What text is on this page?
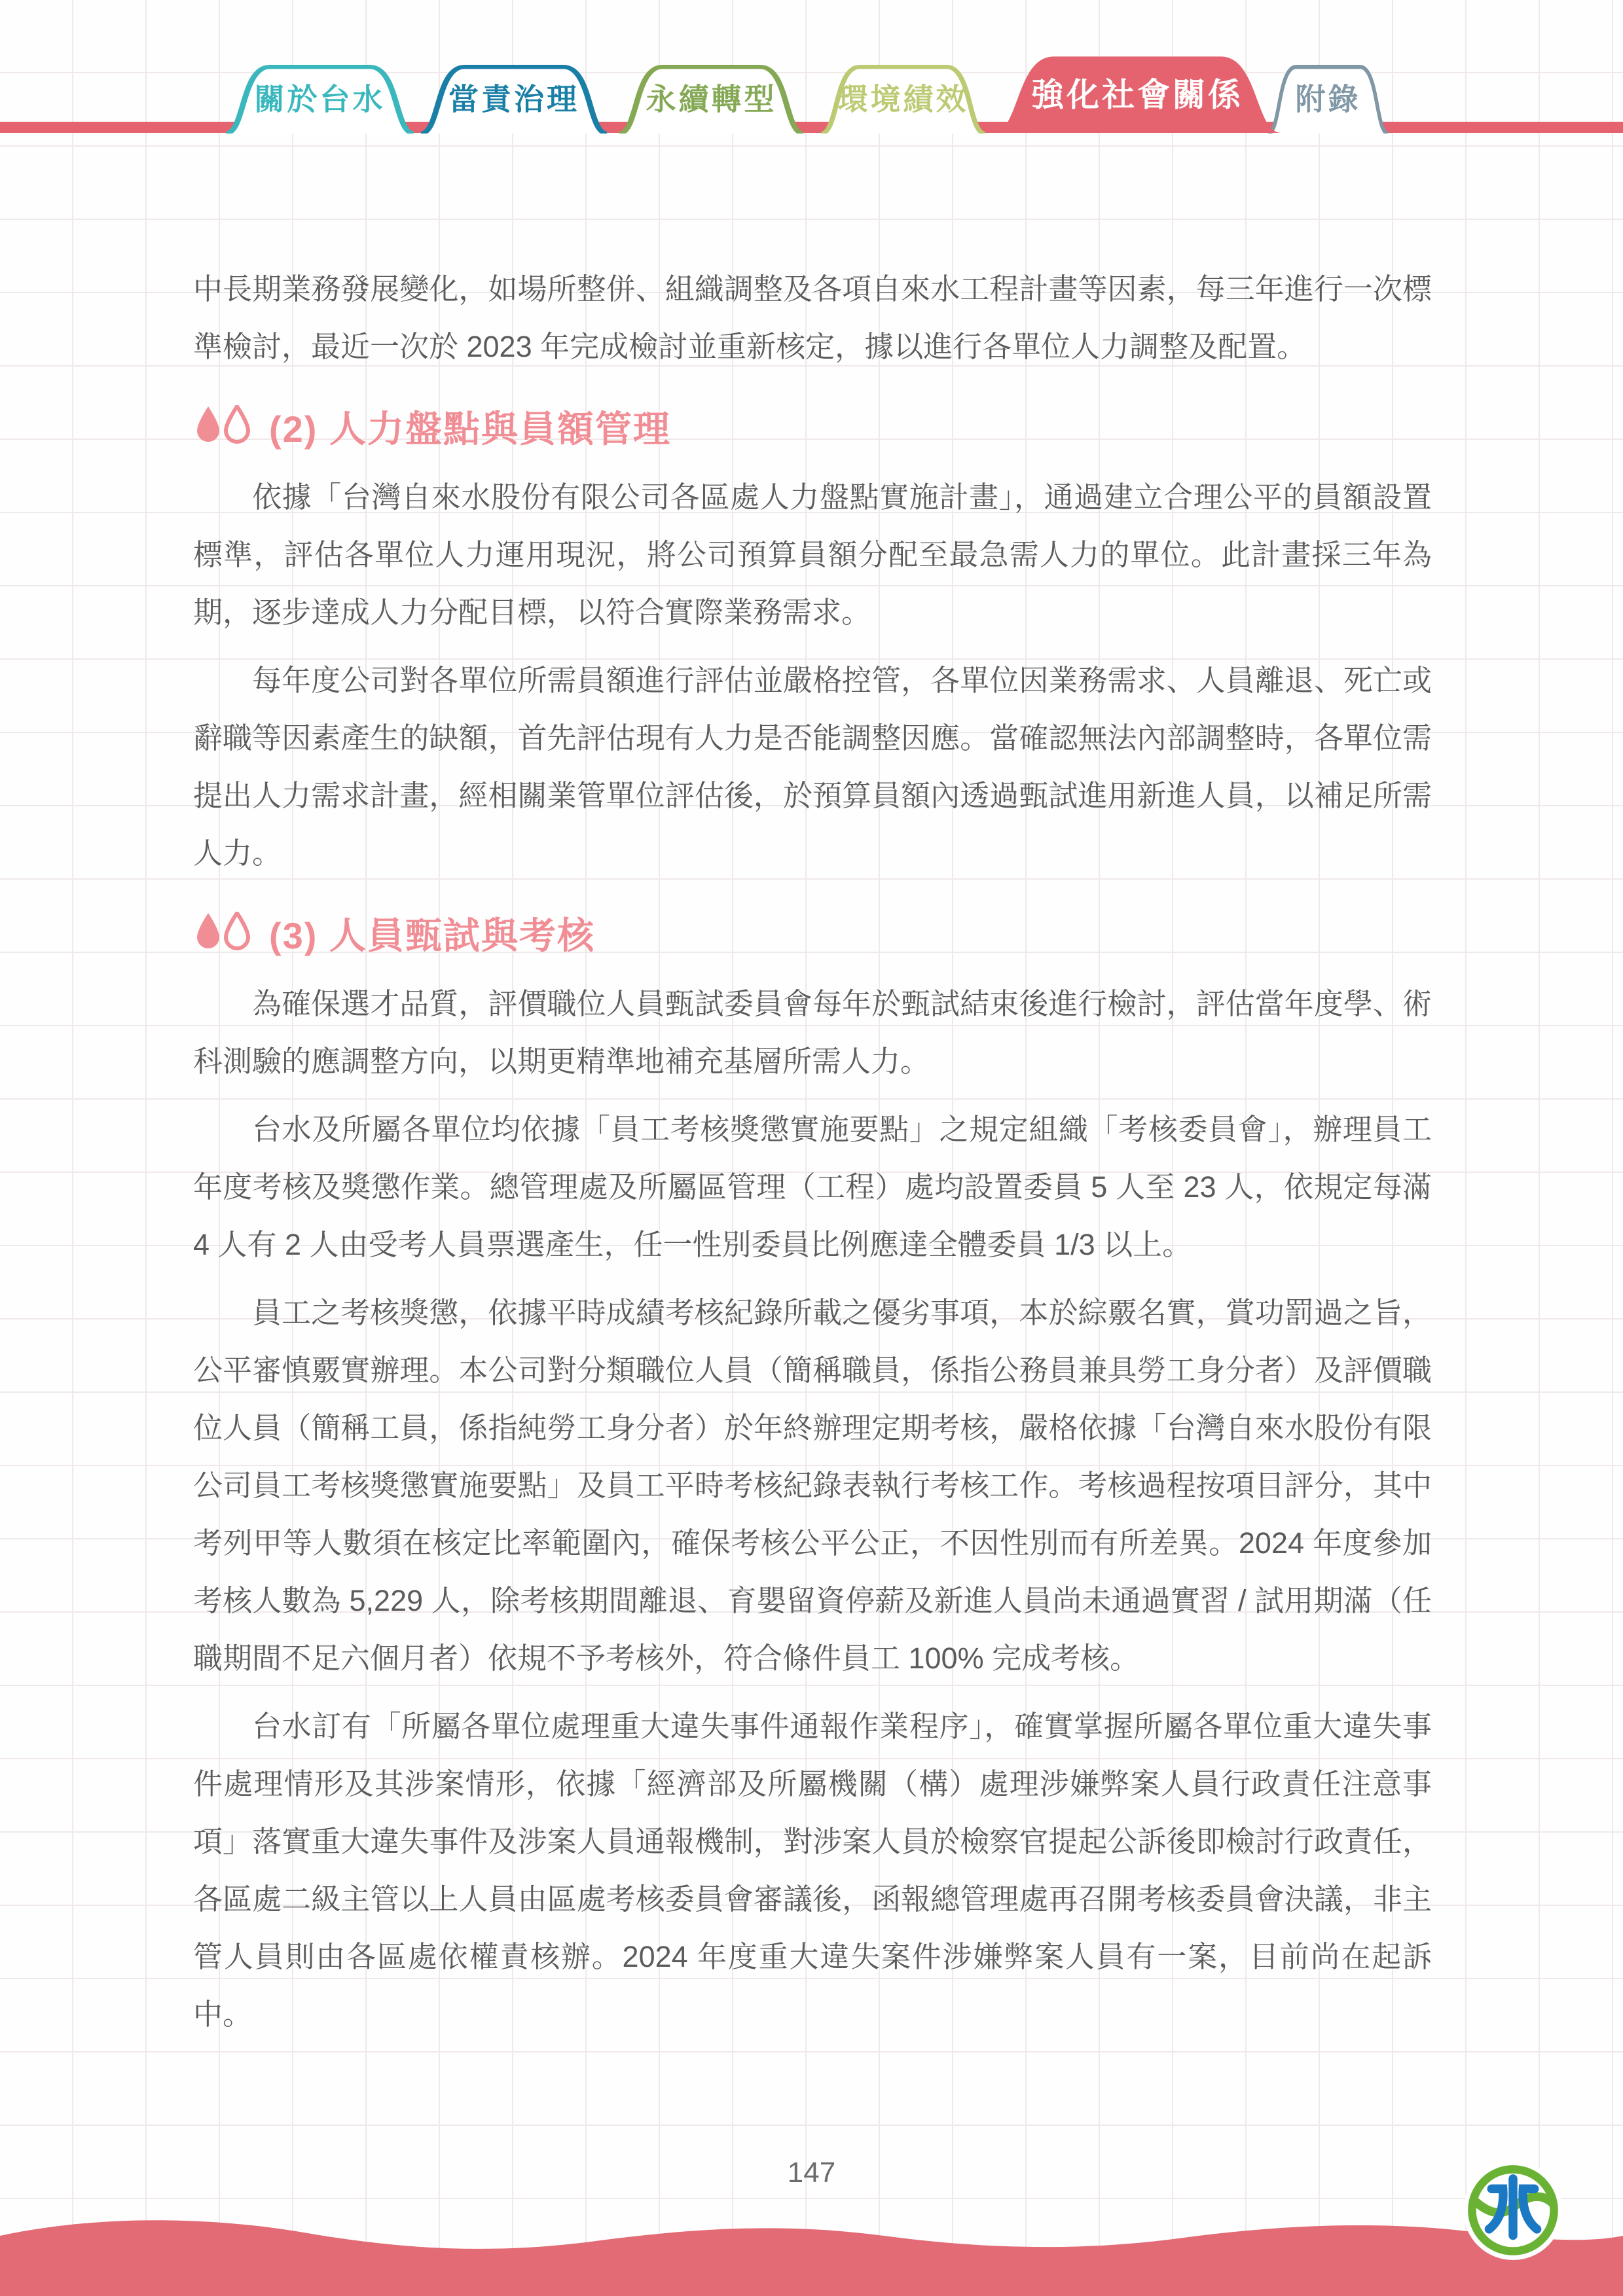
關於台水	當責治理	永續轉型	環境績效	強化社會關係	附錄

中長期業務發展變化，如場所整併、組織調整及各項自來水工程計畫等因素，每三年進行一次標準檢討，最近一次於 2023 年完成檢討並重新核定，據以進行各單位人力調整及配置。

(2) 人力盤點與員額管理

依據「台灣自來水股份有限公司各區處人力盤點實施計畫」，通過建立合理公平的員額設置標準，評估各單位人力運用現況，將公司預算員額分配至最急需人力的單位。此計畫採三年為期，逐步達成人力分配目標，以符合實際業務需求。

每年度公司對各單位所需員額進行評估並嚴格控管，各單位因業務需求、人員離退、死亡或辭職等因素產生的缺額，首先評估現有人力是否能調整因應。當確認無法內部調整時，各單位需提出人力需求計畫，經相關業管單位評估後，於預算員額內透過甄試進用新進人員，以補足所需人力。

(3) 人員甄試與考核

為確保選才品質，評價職位人員甄試委員會每年於甄試結束後進行檢討，評估當年度學、術科測驗的應調整方向，以期更精準地補充基層所需人力。

台水及所屬各單位均依據「員工考核獎懲實施要點」之規定組織「考核委員會」，辦理員工年度考核及獎懲作業。總管理處及所屬區管理（工程）處均設置委員 5 人至 23 人，依規定每滿 4 人有 2 人由受考人員票選產生，任一性別委員比例應達全體委員 1/3 以上。

員工之考核獎懲，依據平時成績考核紀錄所載之優劣事項，本於綜覈名實，賞功罰過之旨，公平審慎覈實辦理。本公司對分類職位人員（簡稱職員，係指公務員兼具勞工身分者）及評價職位人員（簡稱工員，係指純勞工身分者）於年終辦理定期考核，嚴格依據「台灣自來水股份有限公司員工考核獎懲實施要點」及員工平時考核紀錄表執行考核工作。考核過程按項目評分，其中考列甲等人數須在核定比率範圍內，確保考核公平公正，不因性別而有所差異。2024 年度參加考核人數為 5,229 人，除考核期間離退、育嬰留資停薪及新進人員尚未通過實習 / 試用期滿（任職期間不足六個月者）依規不予考核外，符合條件員工 100% 完成考核。

台水訂有「所屬各單位處理重大違失事件通報作業程序」，確實掌握所屬各單位重大違失事件處理情形及其涉案情形，依據「經濟部及所屬機關（構）處理涉嫌弊案人員行政責任注意事項」落實重大違失事件及涉案人員通報機制，對涉案人員於檢察官提起公訴後即檢討行政責任，各區處二級主管以上人員由區處考核委員會審議後，函報總管理處再召開考核委員會決議，非主管人員則由各區處依權責核辦。2024 年度重大違失案件涉嫌弊案人員有一案，目前尚在起訴中。

147
